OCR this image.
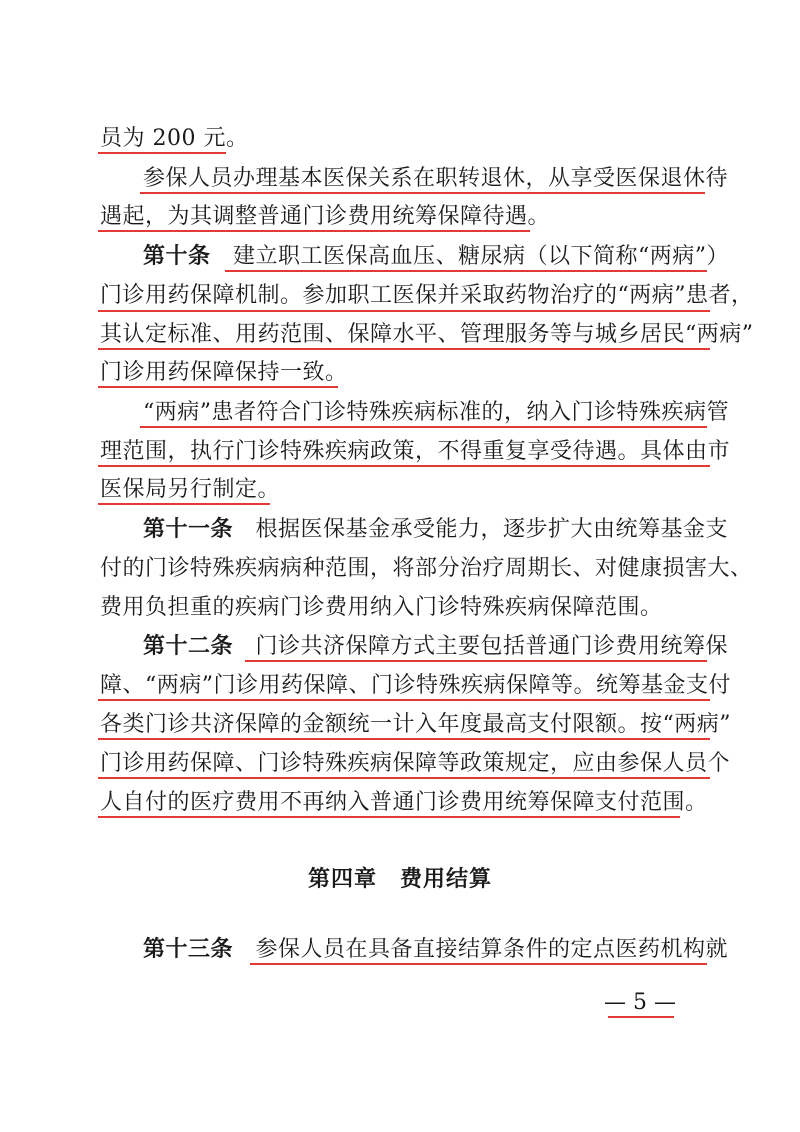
员为 200 元。
参保人员办理基本医保关系在职转退休，从享受医保退休待
遇起，为其调整普通门诊费用统筹保障待遇。
第十条　 建立职工医保高血压、糖尿病（以下简称“两病”）
门诊用药保障机制。参加职工医保并采取药物治疗的“两病”患者，
其认定标准、用药范围、保障水平、管理服务等与城乡居民“两病”
门诊用药保障保持一致。
“两病”患者符合门诊特殊疾病标准的，纳入门诊特殊疾病管
理范围，执行门诊特殊疾病政策，不得重复享受待遇。具体由市
医保局另行制定。
第十一条　 根据医保基金承受能力，逐步扩大由统筹基金支
付的门诊特殊疾病病种范围，将部分治疗周期长、对健康损害大、
费用负担重的疾病门诊费用纳入门诊特殊疾病保障范围。
第十二条　 门诊共济保障方式主要包括普通门诊费用统筹保
障、“两病”门诊用药保障、门诊特殊疾病保障等。统筹基金支付
各类门诊共济保障的金额统一计入年度最高支付限额。按“两病”
门诊用药保障、门诊特殊疾病保障等政策规定，应由参保人员个
人自付的医疗费用不再纳入普通门诊费用统筹保障支付范围。
第四章　费用结算
第十三条　 参保人员在具备直接结算条件的定点医药机构就
— 5 —
